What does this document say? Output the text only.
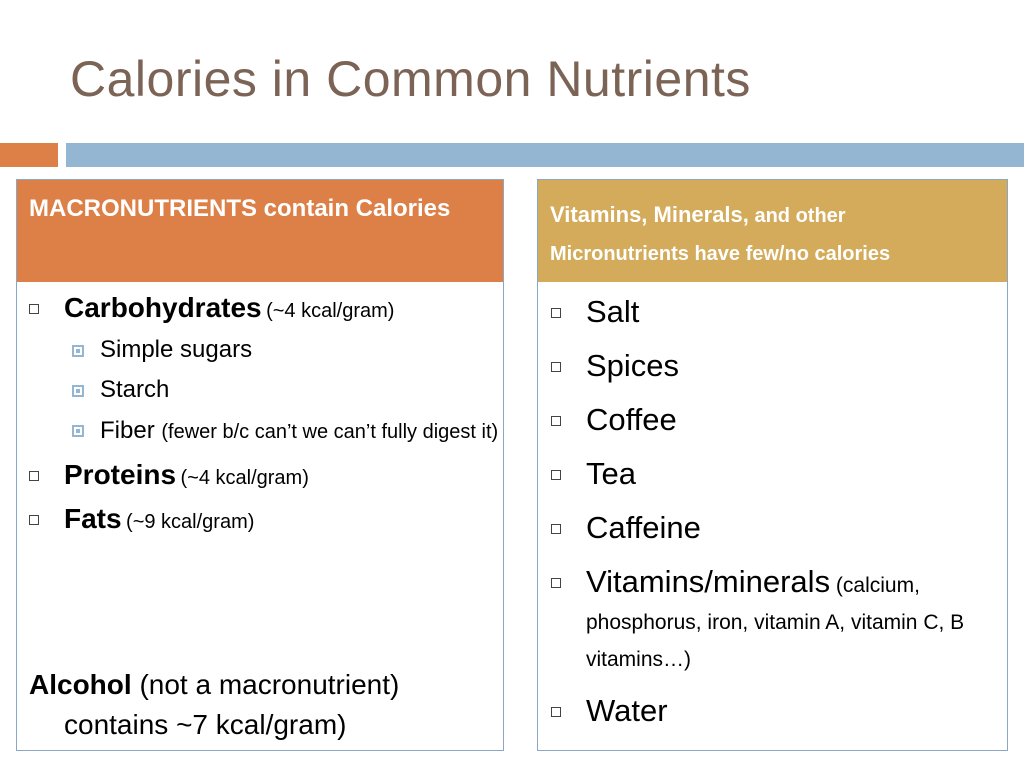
Calories in Common Nutrients
MACRONUTRIENTS contain Calories
Carbohydrates (~4 kcal/gram)
Simple sugars
Starch
Fiber (fewer b/c can’t we can’t fully digest it)
Proteins (~4 kcal/gram)
Fats (~9 kcal/gram)
Alcohol (not a macronutrient)
contains ~7 kcal/gram)
Vitamins, Minerals, and other
Micronutrients have few/no calories
Salt
Spices
Coffee
Tea
Caffeine
Vitamins/minerals (calcium, phosphorus, iron, vitamin A, vitamin C, B vitamins…)
Water
